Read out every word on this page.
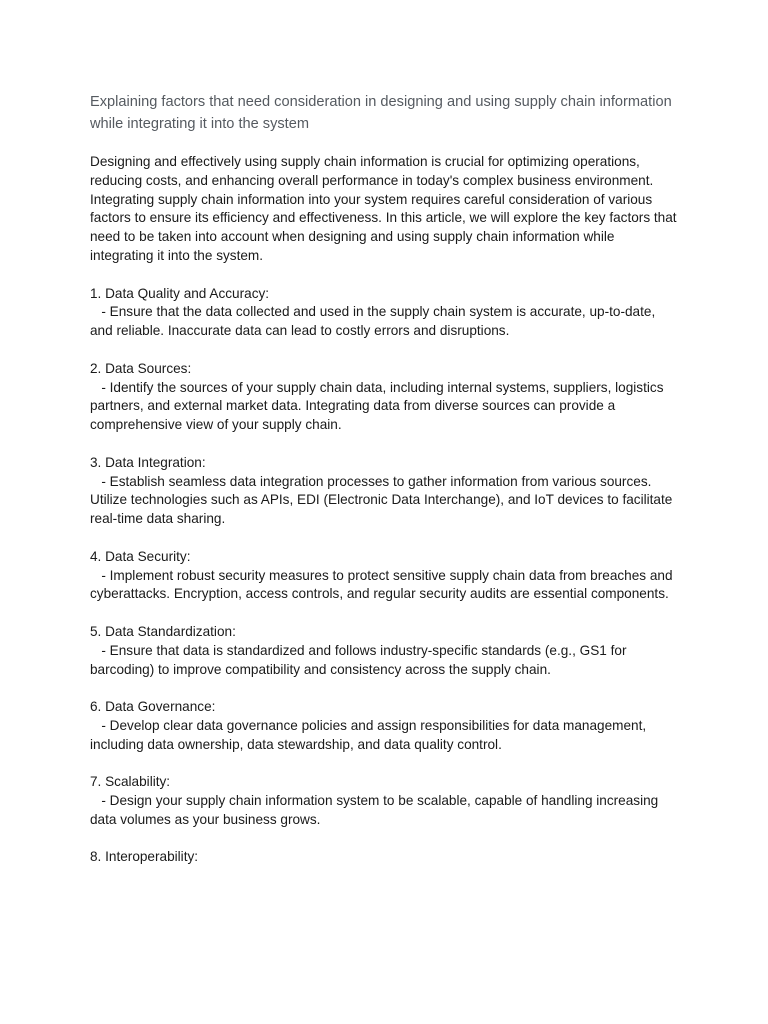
Explaining factors that need consideration in designing and using supply chain information while integrating it into the system

Designing and effectively using supply chain information is crucial for optimizing operations, reducing costs, and enhancing overall performance in today's complex business environment. Integrating supply chain information into your system requires careful consideration of various factors to ensure its efficiency and effectiveness. In this article, we will explore the key factors that need to be taken into account when designing and using supply chain information while integrating it into the system.

1. Data Quality and Accuracy:

- Ensure that the data collected and used in the supply chain system is accurate, up-to-date, and reliable. Inaccurate data can lead to costly errors and disruptions.

2. Data Sources:

- Identify the sources of your supply chain data, including internal systems, suppliers, logistics partners, and external market data. Integrating data from diverse sources can provide a comprehensive view of your supply chain.

3. Data Integration:

- Establish seamless data integration processes to gather information from various sources. Utilize technologies such as APIs, EDI (Electronic Data Interchange), and IoT devices to facilitate real-time data sharing.

4. Data Security:

- Implement robust security measures to protect sensitive supply chain data from breaches and cyberattacks. Encryption, access controls, and regular security audits are essential components.

5. Data Standardization:

- Ensure that data is standardized and follows industry-specific standards (e.g., GS1 for barcoding) to improve compatibility and consistency across the supply chain.

6. Data Governance:

- Develop clear data governance policies and assign responsibilities for data management, including data ownership, data stewardship, and data quality control.

7. Scalability:

- Design your supply chain information system to be scalable, capable of handling increasing data volumes as your business grows.

8. Interoperability:
